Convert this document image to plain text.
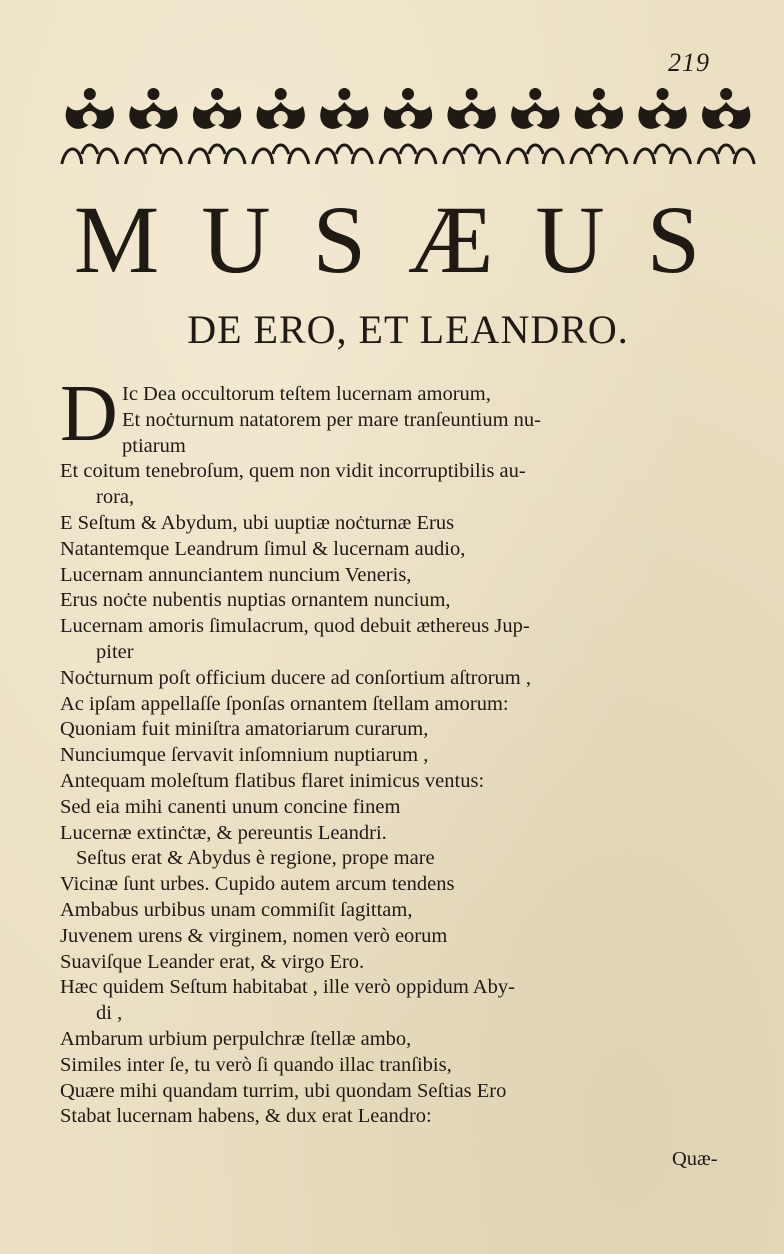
219
MUSÆUS
DE ERO, ET LEANDRO.
D Ic Dea occultorum teſtem lucernam amorum,
Et noċturnum natatorem per mare tranſeuntium nu-
ptiarum
Et coitum tenebroſum, quem non vidit incorruptibilis au-
rora,
E Seſtum & Abydum, ubi uuptiæ noċturnæ Erus
Natantemque Leandrum ſimul & lucernam audio,
Lucernam annunciantem nuncium Veneris,
Erus noċte nubentis nuptias ornantem nuncium,
Lucernam amoris ſimulacrum, quod debuit æthereus Jup-
piter
Noċturnum poſt officium ducere ad conſortium aſtrorum ,
Ac ipſam appellaſſe ſponſas ornantem ſtellam amorum:
Quoniam fuit miniſtra amatoriarum curarum,
Nunciumque ſervavit inſomnium nuptiarum ,
Antequam moleſtum flatibus flaret inimicus ventus:
Sed eia mihi canenti unum concine finem
Lucernæ extinċtæ, & pereuntis Leandri.
Seſtus erat & Abydus è regione, prope mare
Vicinæ ſunt urbes. Cupido autem arcum tendens
Ambabus urbibus unam commiſit ſagittam,
Juvenem urens & virginem, nomen verò eorum
Suaviſque Leander erat, & virgo Ero.
Hæc quidem Seſtum habitabat , ille verò oppidum Aby-
di ,
Ambarum urbium perpulchræ ſtellæ ambo,
Similes inter ſe, tu verò ſi quando illac tranſibis,
Quære mihi quandam turrim, ubi quondam Seſtias Ero
Stabat lucernam habens, & dux erat Leandro:
Quæ-
